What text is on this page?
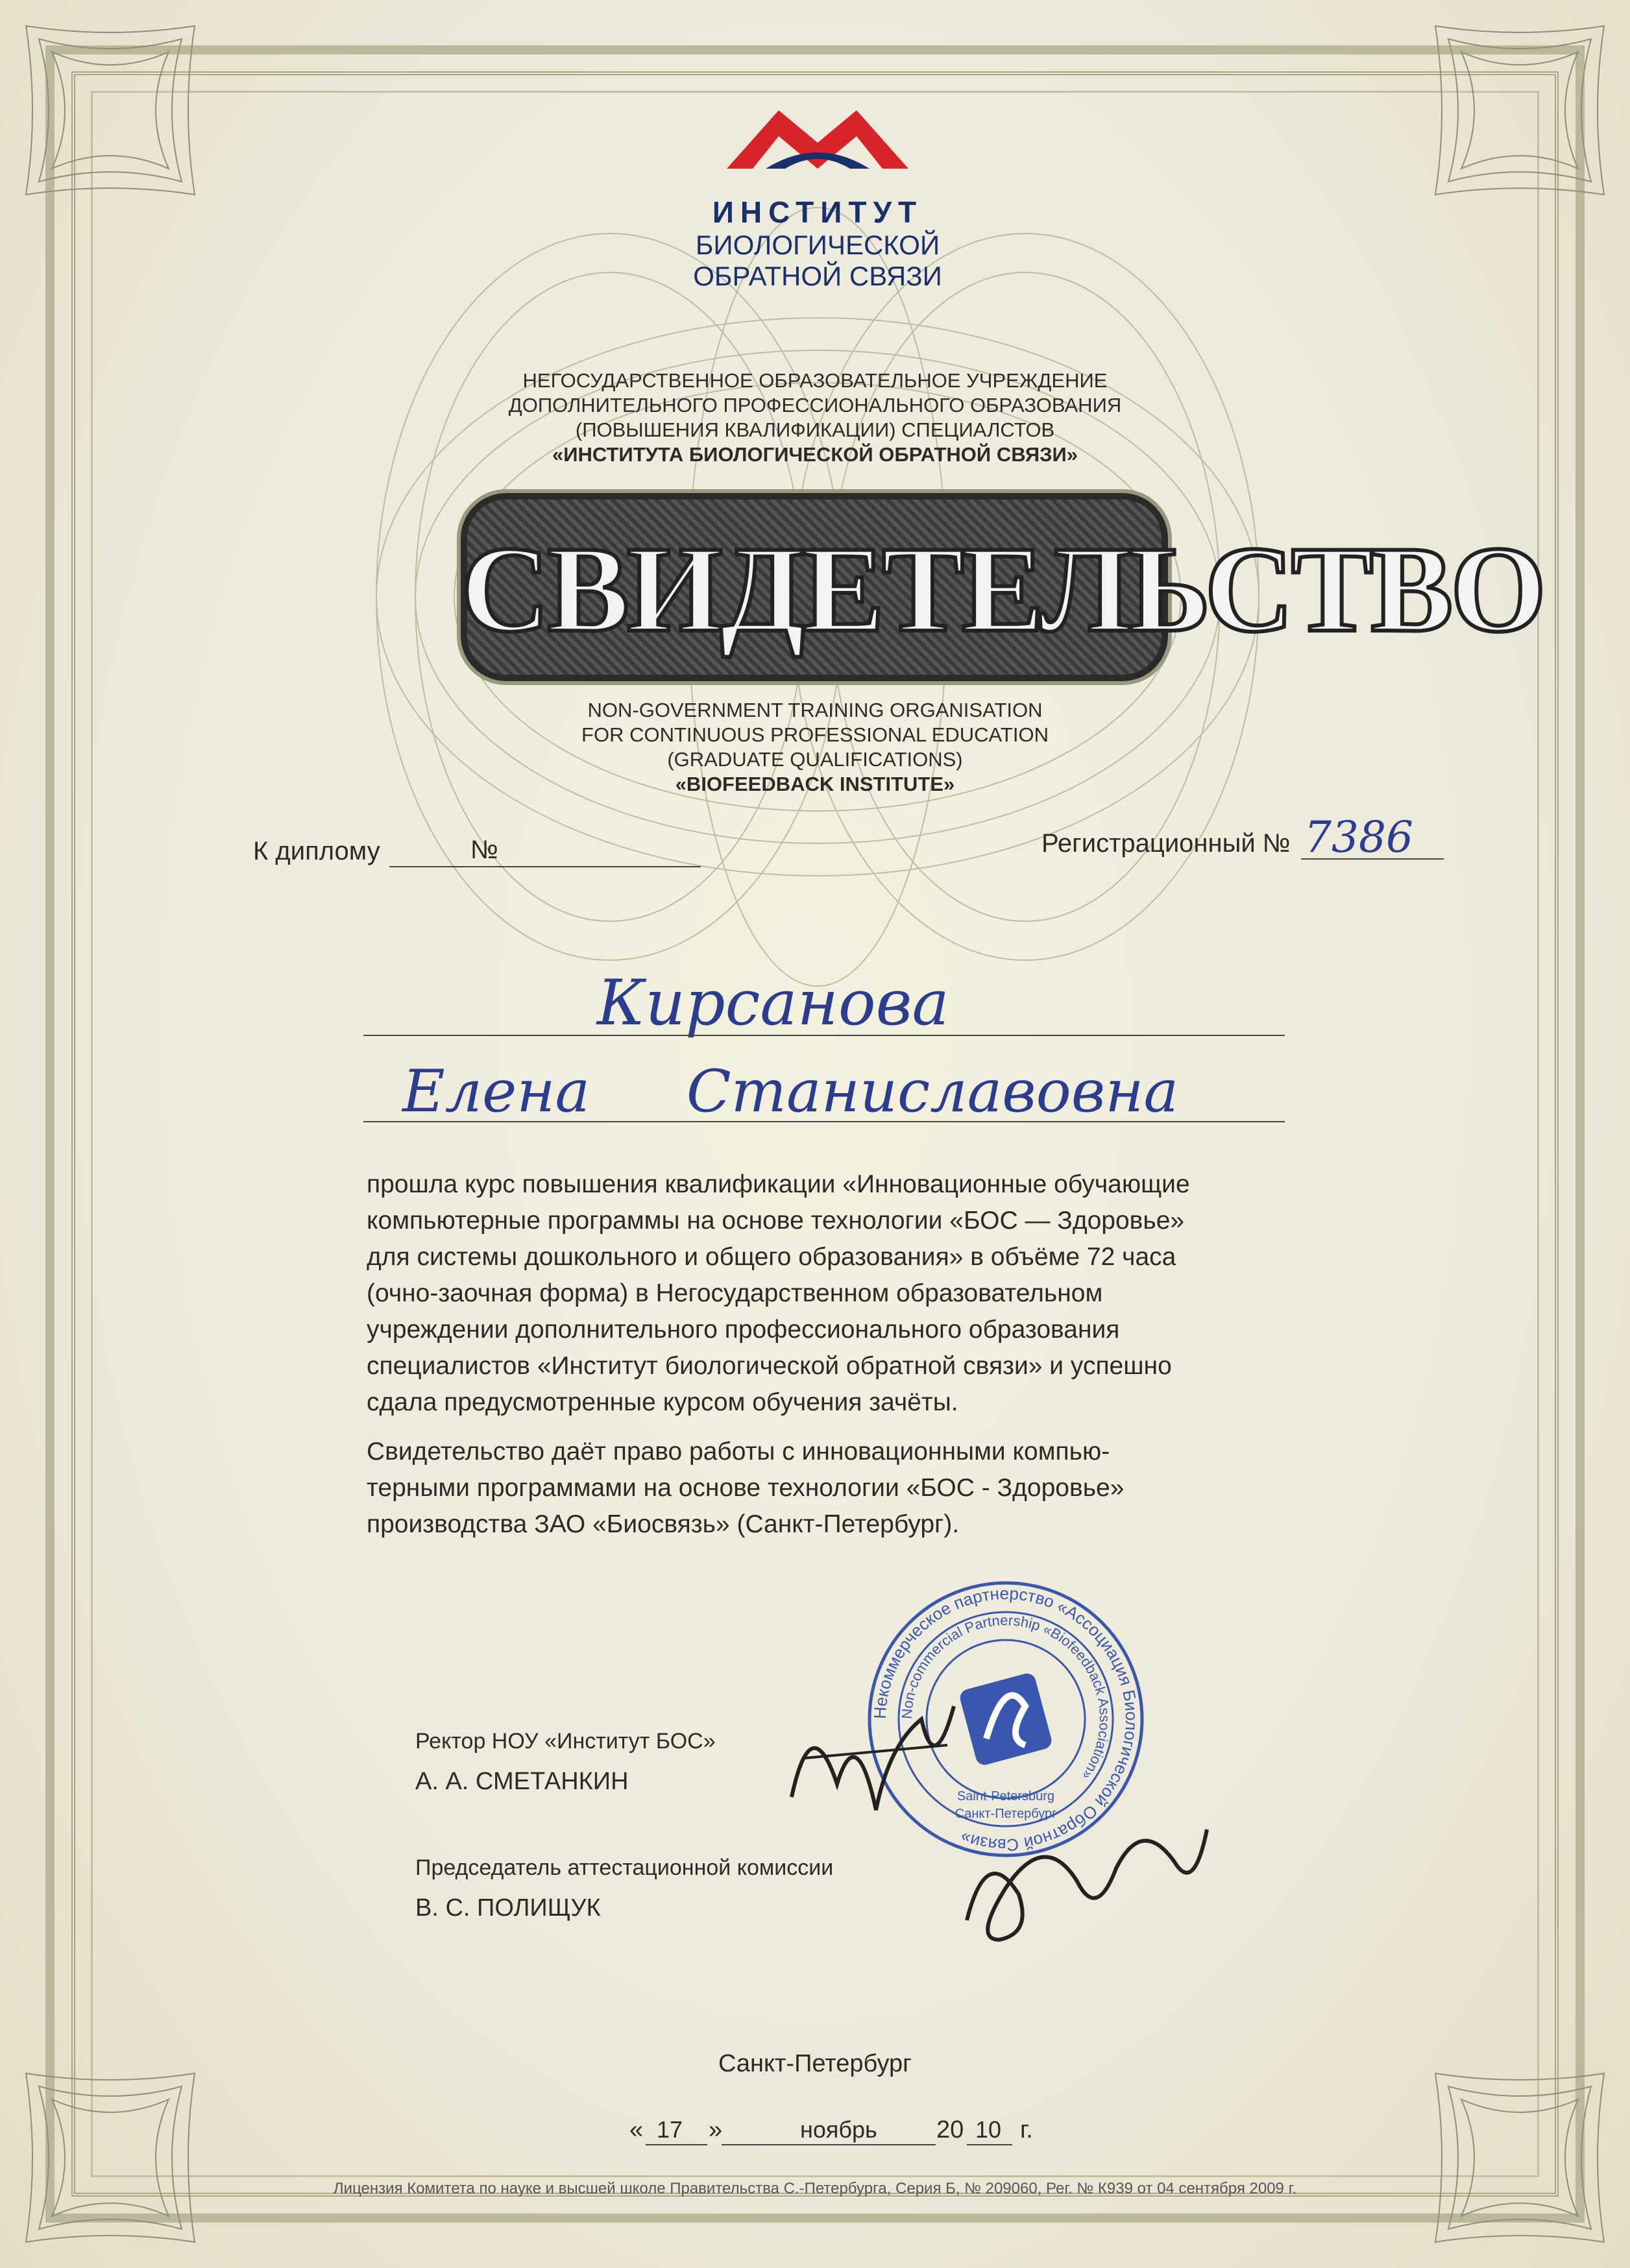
ИНСТИТУТ
БИОЛОГИЧЕСКОЙ
ОБРАТНОЙ СВЯЗИ
НЕГОСУДАРСТВЕННОЕ ОБРАЗОВАТЕЛЬНОЕ УЧРЕЖДЕНИЕ
ДОПОЛНИТЕЛЬНОГО ПРОФЕССИОНАЛЬНОГО ОБРАЗОВАНИЯ
(ПОВЫШЕНИЯ КВАЛИФИКАЦИИ) СПЕЦИАЛСТОВ
«ИНСТИТУТА БИОЛОГИЧЕСКОЙ ОБРАТНОЙ СВЯЗИ»
СВИДЕТЕЛЬСТВО
NON-GOVERNMENT TRAINING ORGANISATION
FOR CONTINUOUS PROFESSIONAL EDUCATION
(GRADUATE QUALIFICATIONS)
«BIOFEEDBACK INSTITUTE»
К диплому	№	Регистрационный № 7386
Кирсанова
Елена Станиславовна
прошла курс повышения квалификации «Инновационные обучающие
компьютерные программы на основе технологии «БОС — Здоровье»
для системы дошкольного и общего образования» в объёме 72 часа
(очно-заочная форма) в Негосударственном образовательном
учреждении дополнительного профессионального образования
специалистов «Институт биологической обратной связи» и успешно
сдала предусмотренные курсом обучения зачёты.
Свидетельство даёт право работы с инновационными компью-
терными программами на основе технологии «БОС - Здоровье»
производства ЗАО «Биосвязь» (Санкт-Петербург).
Некоммерческое партнерство «Ассоциация Биологической Обратной Связи»
Non-commercial Partnership «Biofeedback Association»
Saint-Petersburg
Санкт-Петербург
Ректор НОУ «Институт БОС»
А. А. СМЕТАНКИН
Председатель аттестационной комиссии
В. С. ПОЛИЩУК
Санкт-Петербург
« 17 »	ноябрь 20 10 г.
Лицензия Комитета по науке и высшей школе Правительства С.-Петербурга, Серия Б, № 209060, Рег. № К939 от 04 сентября 2009 г.
